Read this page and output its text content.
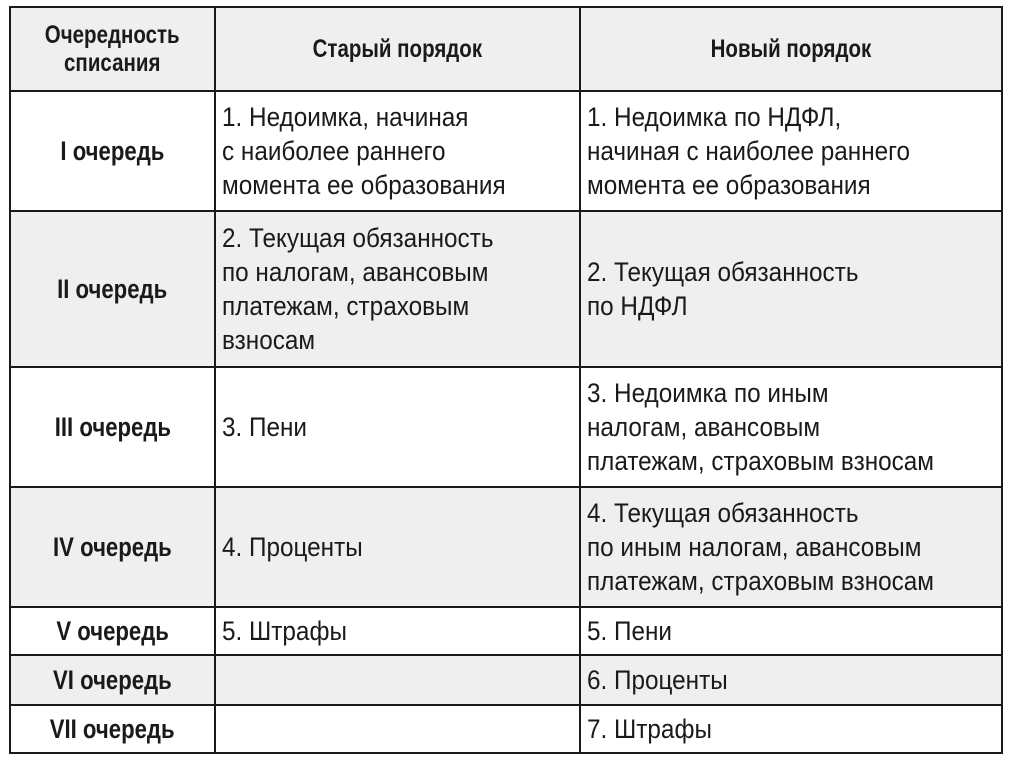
Очередность
списания	Старый порядок	Новый порядок
I очередь	1. Недоимка, начиная
с наиболее раннего
момента ее образования	1. Недоимка по НДФЛ,
начиная с наиболее раннего
момента ее образования
II очередь	2. Текущая обязанность
по налогам, авансовым
платежам, страховым
взносам	2. Текущая обязанность
по НДФЛ
III очередь	3. Пени	3. Недоимка по иным
налогам, авансовым
платежам, страховым взносам
IV очередь	4. Проценты	4. Текущая обязанность
по иным налогам, авансовым
платежам, страховым взносам
V очередь	5. Штрафы	5. Пени
VI очередь		6. Проценты
VII очередь		7. Штрафы
